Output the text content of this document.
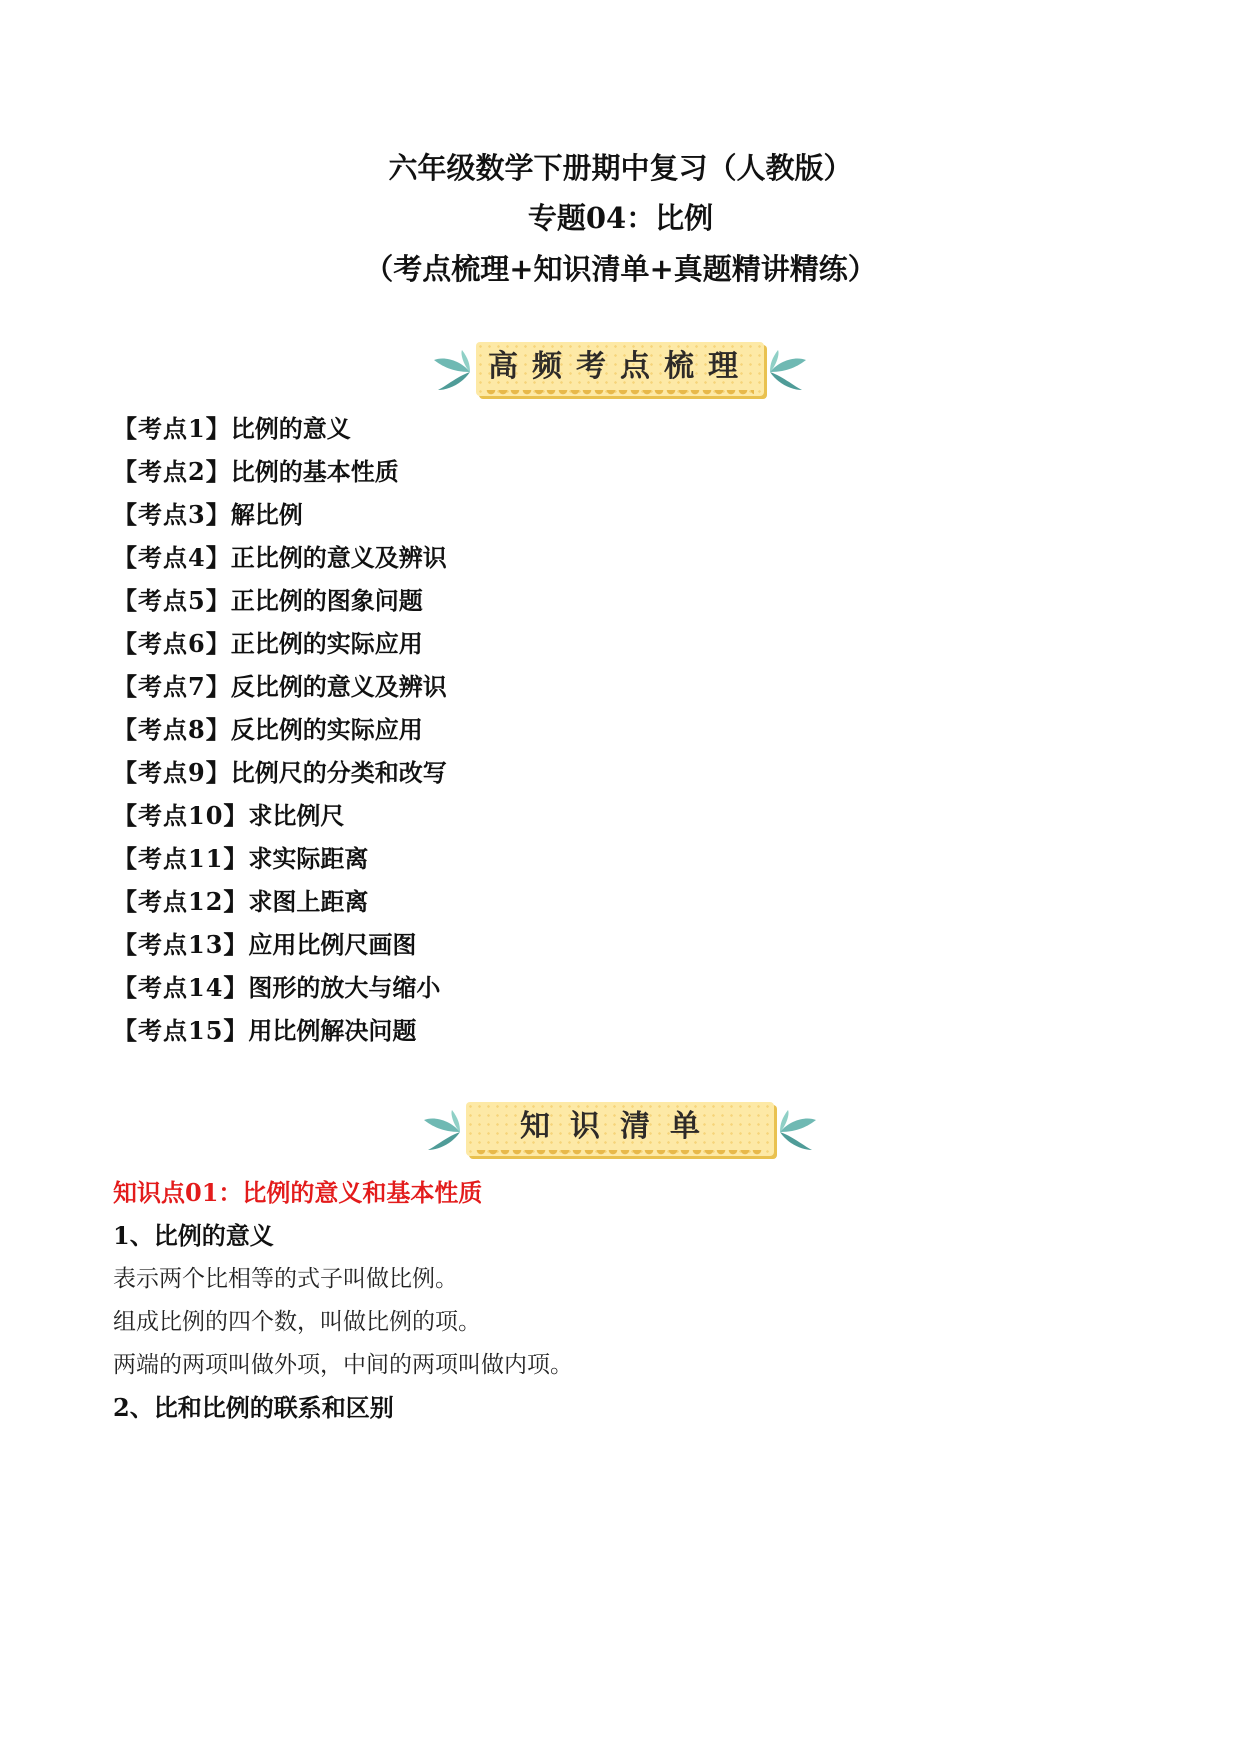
六年级数学下册期中复习（人教版）
专题04：比例
（考点梳理+知识清单+真题精讲精练）
高频考点梳理
【考点1】比例的意义
【考点2】比例的基本性质
【考点3】解比例
【考点4】正比例的意义及辨识
【考点5】正比例的图象问题
【考点6】正比例的实际应用
【考点7】反比例的意义及辨识
【考点8】反比例的实际应用
【考点9】比例尺的分类和改写
【考点10】求比例尺
【考点11】求实际距离
【考点12】求图上距离
【考点13】应用比例尺画图
【考点14】图形的放大与缩小
【考点15】用比例解决问题
知识清单
知识点01：比例的意义和基本性质
1、比例的意义
表示两个比相等的式子叫做比例。
组成比例的四个数，叫做比例的项。
两端的两项叫做外项，中间的两项叫做内项。
2、比和比例的联系和区别
